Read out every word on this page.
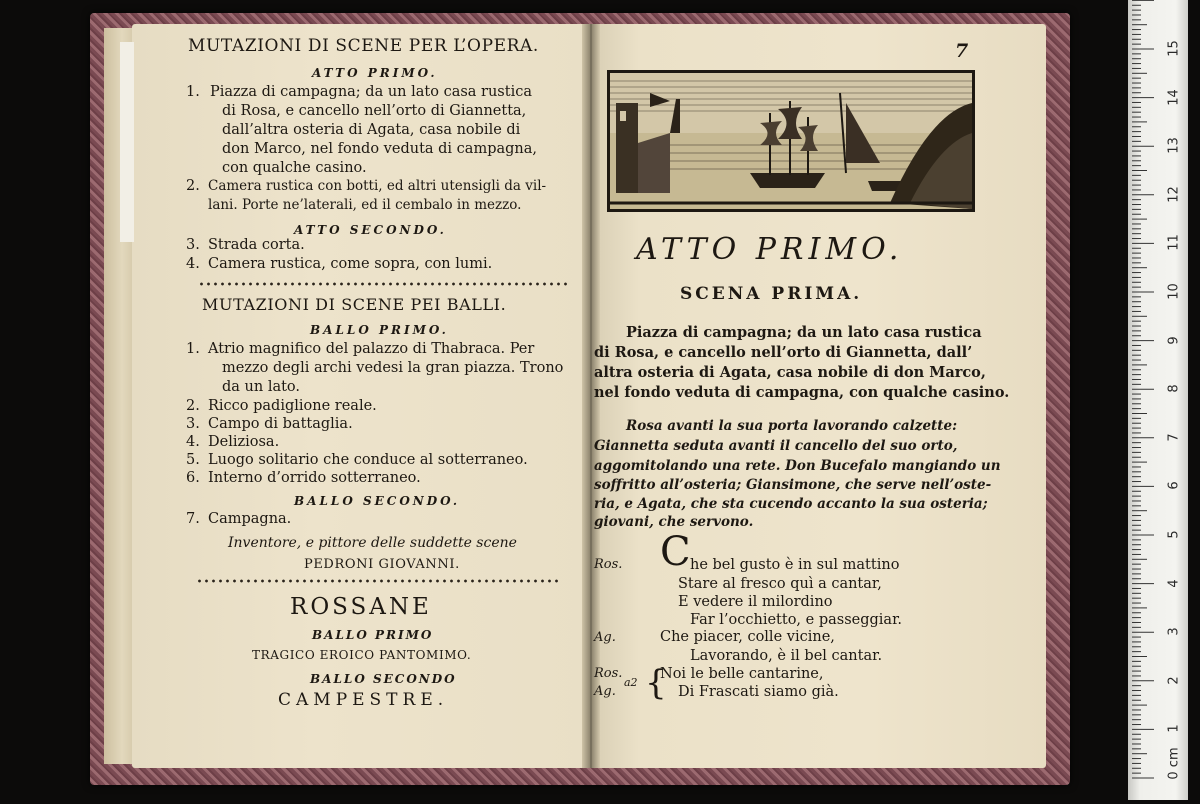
MUTAZIONI DI SCENE PER L’OPERA.
ATTO PRIMO.
1. Piazza di campagna; da un lato casa rustica
di Rosa, e cancello nell’orto di Giannetta,
dall’altra osteria di Agata, casa nobile di
don Marco, nel fondo veduta di campagna,
con qualche casino.
2. Camera rustica con botti, ed altri utensigli da vil-
lani. Porte ne’laterali, ed il cembalo in mezzo.
ATTO SECONDO.
3. Strada corta.
4. Camera rustica, come sopra, con lumi.
MUTAZIONI DI SCENE PEI BALLI.
BALLO PRIMO.
1. Atrio magnifico del palazzo di Thabraca. Per
mezzo degli archi vedesi la gran piazza. Trono
da un lato.
2. Ricco padiglione reale.
3. Campo di battaglia.
4. Deliziosa.
5. Luogo solitario che conduce al sotterraneo.
6. Interno d’orrido sotterraneo.
BALLO SECONDO.
7. Campagna.
Inventore, e pittore delle suddette scene
PEDRONI GIOVANNI.
ROSSANE
BALLO PRIMO
TRAGICO EROICO PANTOMIMO.
BALLO SECONDO
CAMPESTRE.
7
ATTO PRIMO.
SCENA PRIMA.
Piazza di campagna; da un lato casa rustica
di Rosa, e cancello nell’orto di Giannetta, dall’
altra osteria di Agata, casa nobile di don Marco,
nel fondo veduta di campagna, con qualche casino.
Rosa avanti la sua porta lavorando calzette:
Giannetta seduta avanti il cancello del suo orto,
aggomitolando una rete. Don Bucefalo mangiando un
soffritto all’osteria; Giansimone, che serve nell’oste-
ria, e Agata, che sta cucendo accanto la sua osteria;
giovani, che servono.
Ros. C he bel gusto è in sul mattino
Stare al fresco quì a cantar,
E vedere il milordino
Far l’occhietto, e passeggiar.
Ag.	Che piacer, colle vicine,
Lavorando, è il bel cantar.
Ros.
Ag.
a2 {
Noi le belle cantarine,
Di Frascati siamo già.
15
14
13
12
11
10
9
8
7
6
5
4
3
2
1
0 cm
